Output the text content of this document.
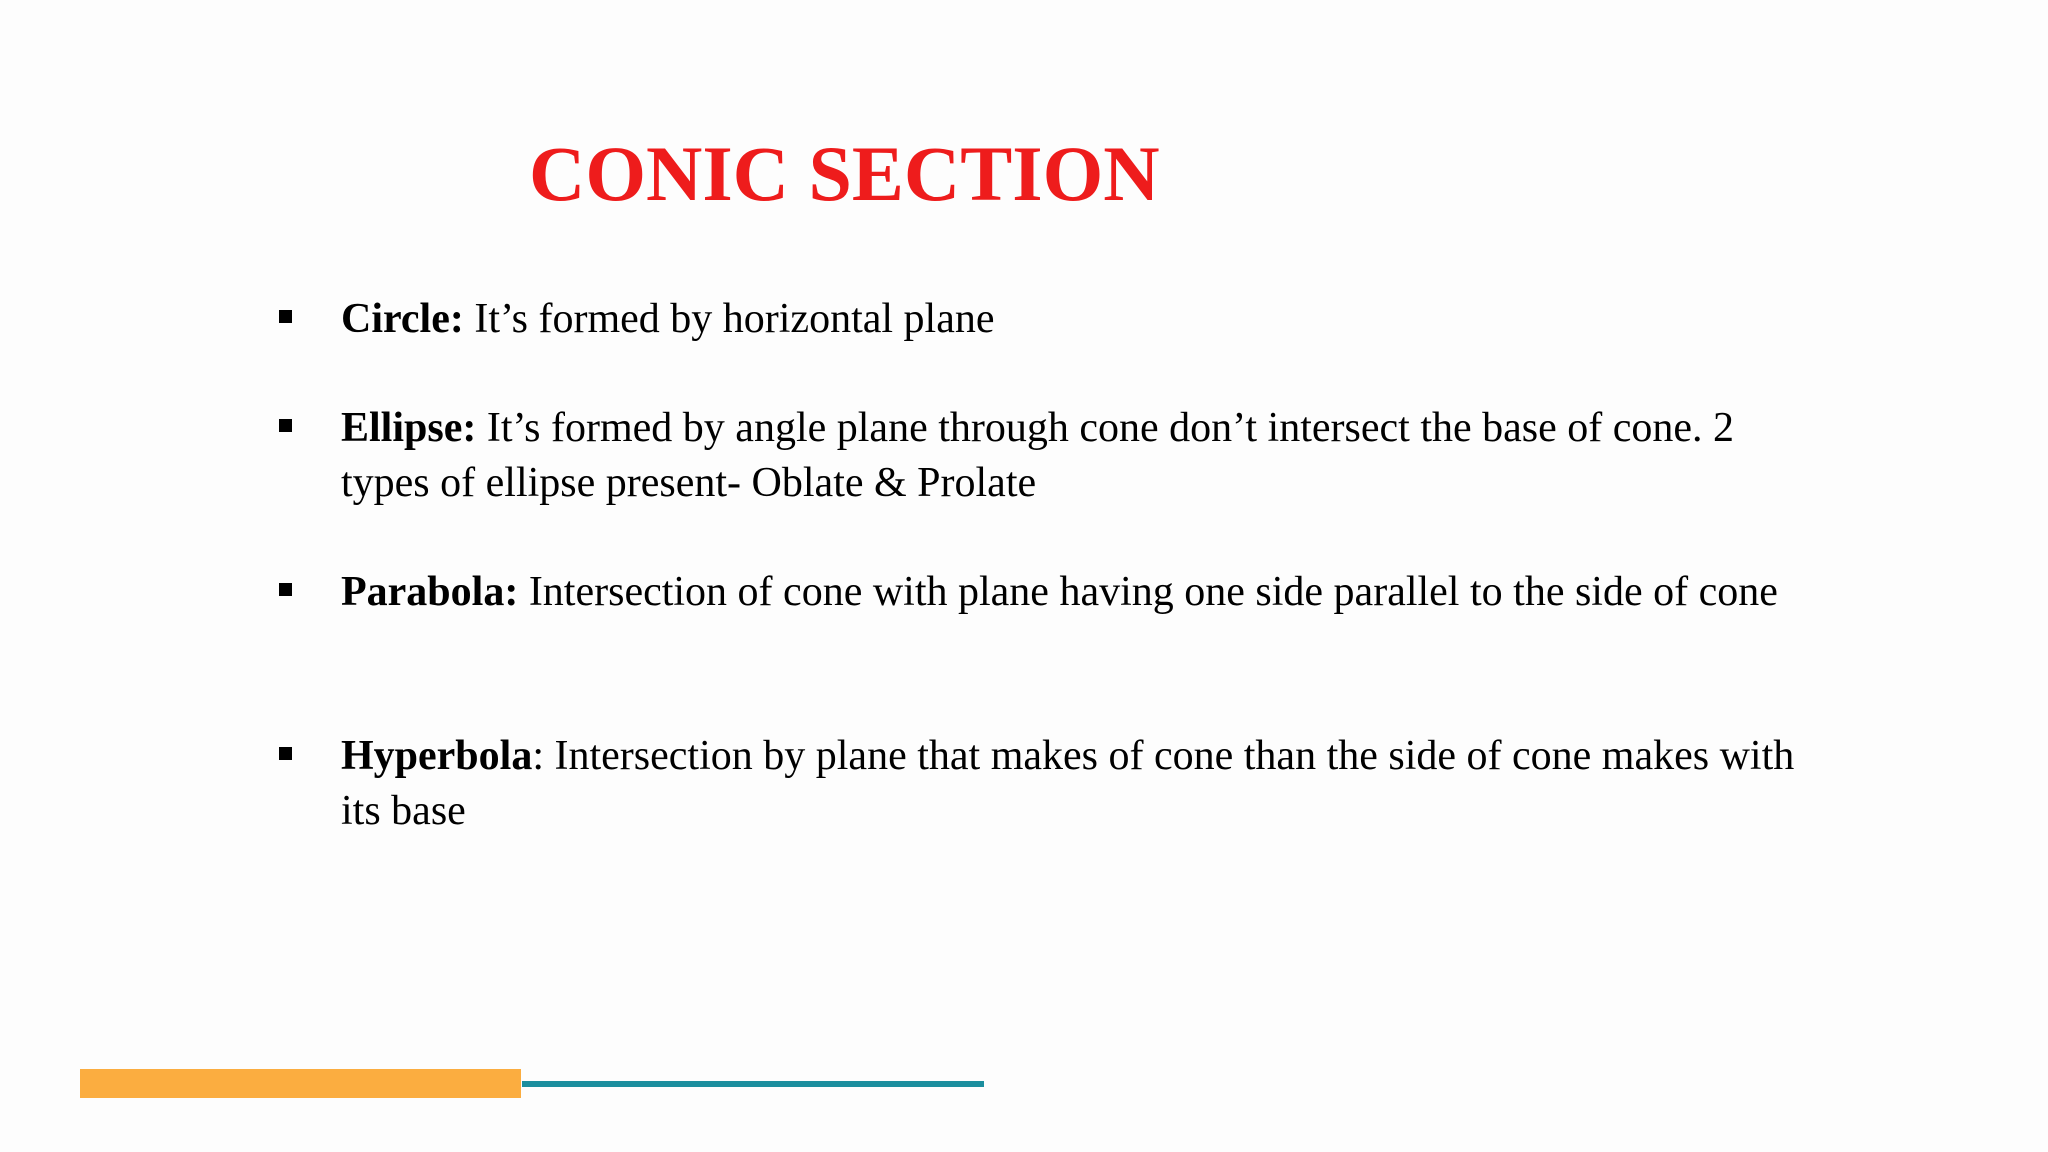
CONIC SECTION
Circle: It’s formed by horizontal plane
Ellipse: It’s formed by angle plane through cone don’t intersect the base of cone. 2 types of ellipse present- Oblate & Prolate
Parabola: Intersection of cone with plane having one side parallel to the side of cone
Hyperbola: Intersection by plane that makes of cone than the side of cone makes with its base
